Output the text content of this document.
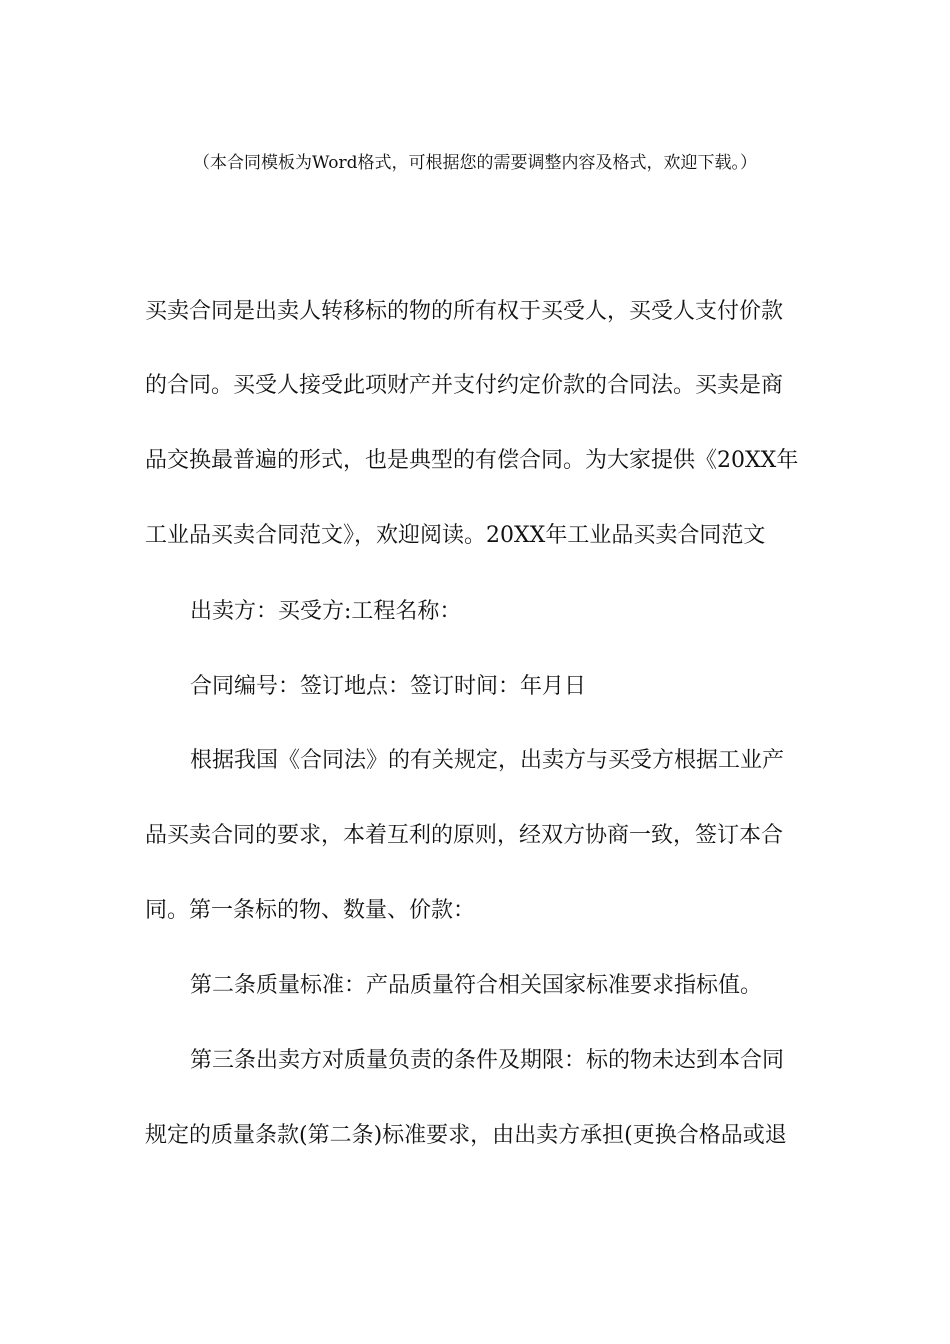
（本合同模板为Word格式，可根据您的需要调整内容及格式，欢迎下载。）
买卖合同是出卖人转移标的物的所有权于买受人，买受人支付价款
的合同。买受人接受此项财产并支付约定价款的合同法。买卖是商
品交换最普遍的形式，也是典型的有偿合同。为大家提供《20XX年
工业品买卖合同范文》，欢迎阅读。20XX年工业品买卖合同范文
出卖方：买受方:工程名称：
合同编号：签订地点：签订时间：年月日
根据我国《合同法》的有关规定，出卖方与买受方根据工业产
品买卖合同的要求，本着互利的原则，经双方协商一致，签订本合
同。第一条标的物、数量、价款：
第二条质量标准：产品质量符合相关国家标准要求指标值。
第三条出卖方对质量负责的条件及期限：标的物未达到本合同
规定的质量条款(第二条)标准要求，由出卖方承担(更换合格品或退
